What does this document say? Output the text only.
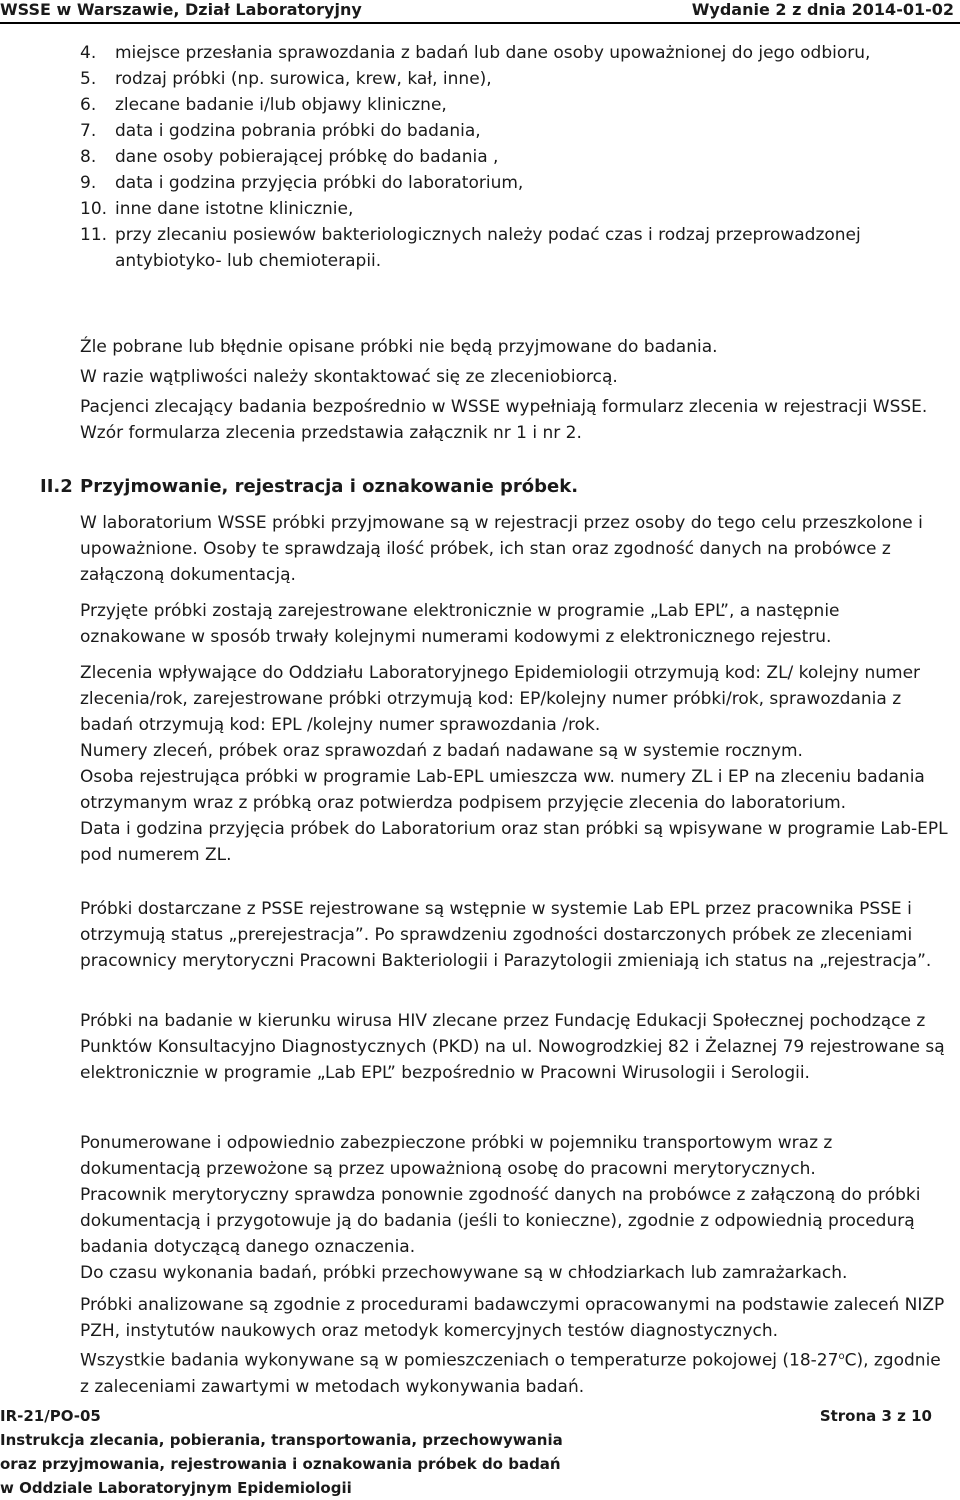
WSSE w Warszawie, Dział Laboratoryjny	Wydanie 2 z dnia 2014-01-02
4. miejsce przesłania sprawozdania z badań lub dane osoby upoważnionej do jego odbioru,
5. rodzaj próbki (np. surowica, krew, kał, inne),
6. zlecane badanie i/lub objawy kliniczne,
7. data i godzina pobrania próbki do badania,
8. dane osoby pobierającej próbkę do badania ,
9. data i godzina przyjęcia próbki do laboratorium,
10. inne dane istotne klinicznie,
11. przy zlecaniu posiewów bakteriologicznych należy podać czas i rodzaj przeprowadzonej antybiotyko- lub chemioterapii.

Źle pobrane lub błędnie opisane próbki nie będą przyjmowane do badania.

W razie wątpliwości należy skontaktować się ze zleceniobiorcą.

Pacjenci zlecający badania bezpośrednio w WSSE wypełniają formularz zlecenia w rejestracji WSSE. Wzór formularza zlecenia przedstawia załącznik nr 1 i nr 2.

II.2 Przyjmowanie, rejestracja i oznakowanie próbek.

W laboratorium WSSE próbki przyjmowane są w rejestracji przez osoby do tego celu przeszkolone i upoważnione. Osoby te sprawdzają ilość próbek, ich stan oraz zgodność danych na probówce z załączoną dokumentacją.

Przyjęte próbki zostają zarejestrowane elektronicznie w programie „Lab EPL”, a następnie oznakowane w sposób trwały kolejnymi numerami kodowymi z elektronicznego rejestru.

Zlecenia wpływające do Oddziału Laboratoryjnego Epidemiologii otrzymują kod: ZL/ kolejny numer zlecenia/rok, zarejestrowane próbki otrzymują kod: EP/kolejny numer próbki/rok, sprawozdania z badań otrzymują kod: EPL /kolejny numer sprawozdania /rok.

Numery zleceń, próbek oraz sprawozdań z badań nadawane są w systemie rocznym.

Osoba rejestrująca próbki w programie Lab-EPL umieszcza ww. numery ZL i EP na zleceniu badania otrzymanym wraz z próbką oraz potwierdza podpisem przyjęcie zlecenia do laboratorium.

Data i godzina przyjęcia próbek do Laboratorium oraz stan próbki są wpisywane w programie Lab-EPL pod numerem ZL.

Próbki dostarczane z PSSE rejestrowane są wstępnie w systemie Lab EPL przez pracownika PSSE i otrzymują status „prerejestracja”. Po sprawdzeniu zgodności dostarczonych próbek ze zleceniami pracownicy merytoryczni Pracowni Bakteriologii i Parazytologii zmieniają ich status na „rejestracja”.

Próbki na badanie w kierunku wirusa HIV zlecane przez Fundację Edukacji Społecznej pochodzące z Punktów Konsultacyjno Diagnostycznych (PKD) na ul. Nowogrodzkiej 82 i Żelaznej 79 rejestrowane są elektronicznie w programie „Lab EPL” bezpośrednio w Pracowni Wirusologii i Serologii.

Ponumerowane i odpowiednio zabezpieczone próbki w pojemniku transportowym wraz z dokumentacją przewożone są przez upoważnioną osobę do pracowni merytorycznych.

Pracownik merytoryczny sprawdza ponownie zgodność danych na probówce z załączoną do próbki dokumentacją i przygotowuje ją do badania (jeśli to konieczne), zgodnie z odpowiednią procedurą badania dotyczącą danego oznaczenia.

Do czasu wykonania badań, próbki przechowywane są w chłodziarkach lub zamrażarkach.

Próbki analizowane są zgodnie z procedurami badawczymi opracowanymi na podstawie zaleceń NIZP PZH, instytutów naukowych oraz metodyk komercyjnych testów diagnostycznych.

Wszystkie badania wykonywane są w pomieszczeniach o temperaturze pokojowej (18-27$^o$C), zgodnie z zaleceniami zawartymi w metodach wykonywania badań.

IR-21/PO-05	Strona 3 z 10
Instrukcja zlecania, pobierania, transportowania, przechowywania
oraz przyjmowania, rejestrowania i oznakowania próbek do badań
w Oddziale Laboratoryjnym Epidemiologii
